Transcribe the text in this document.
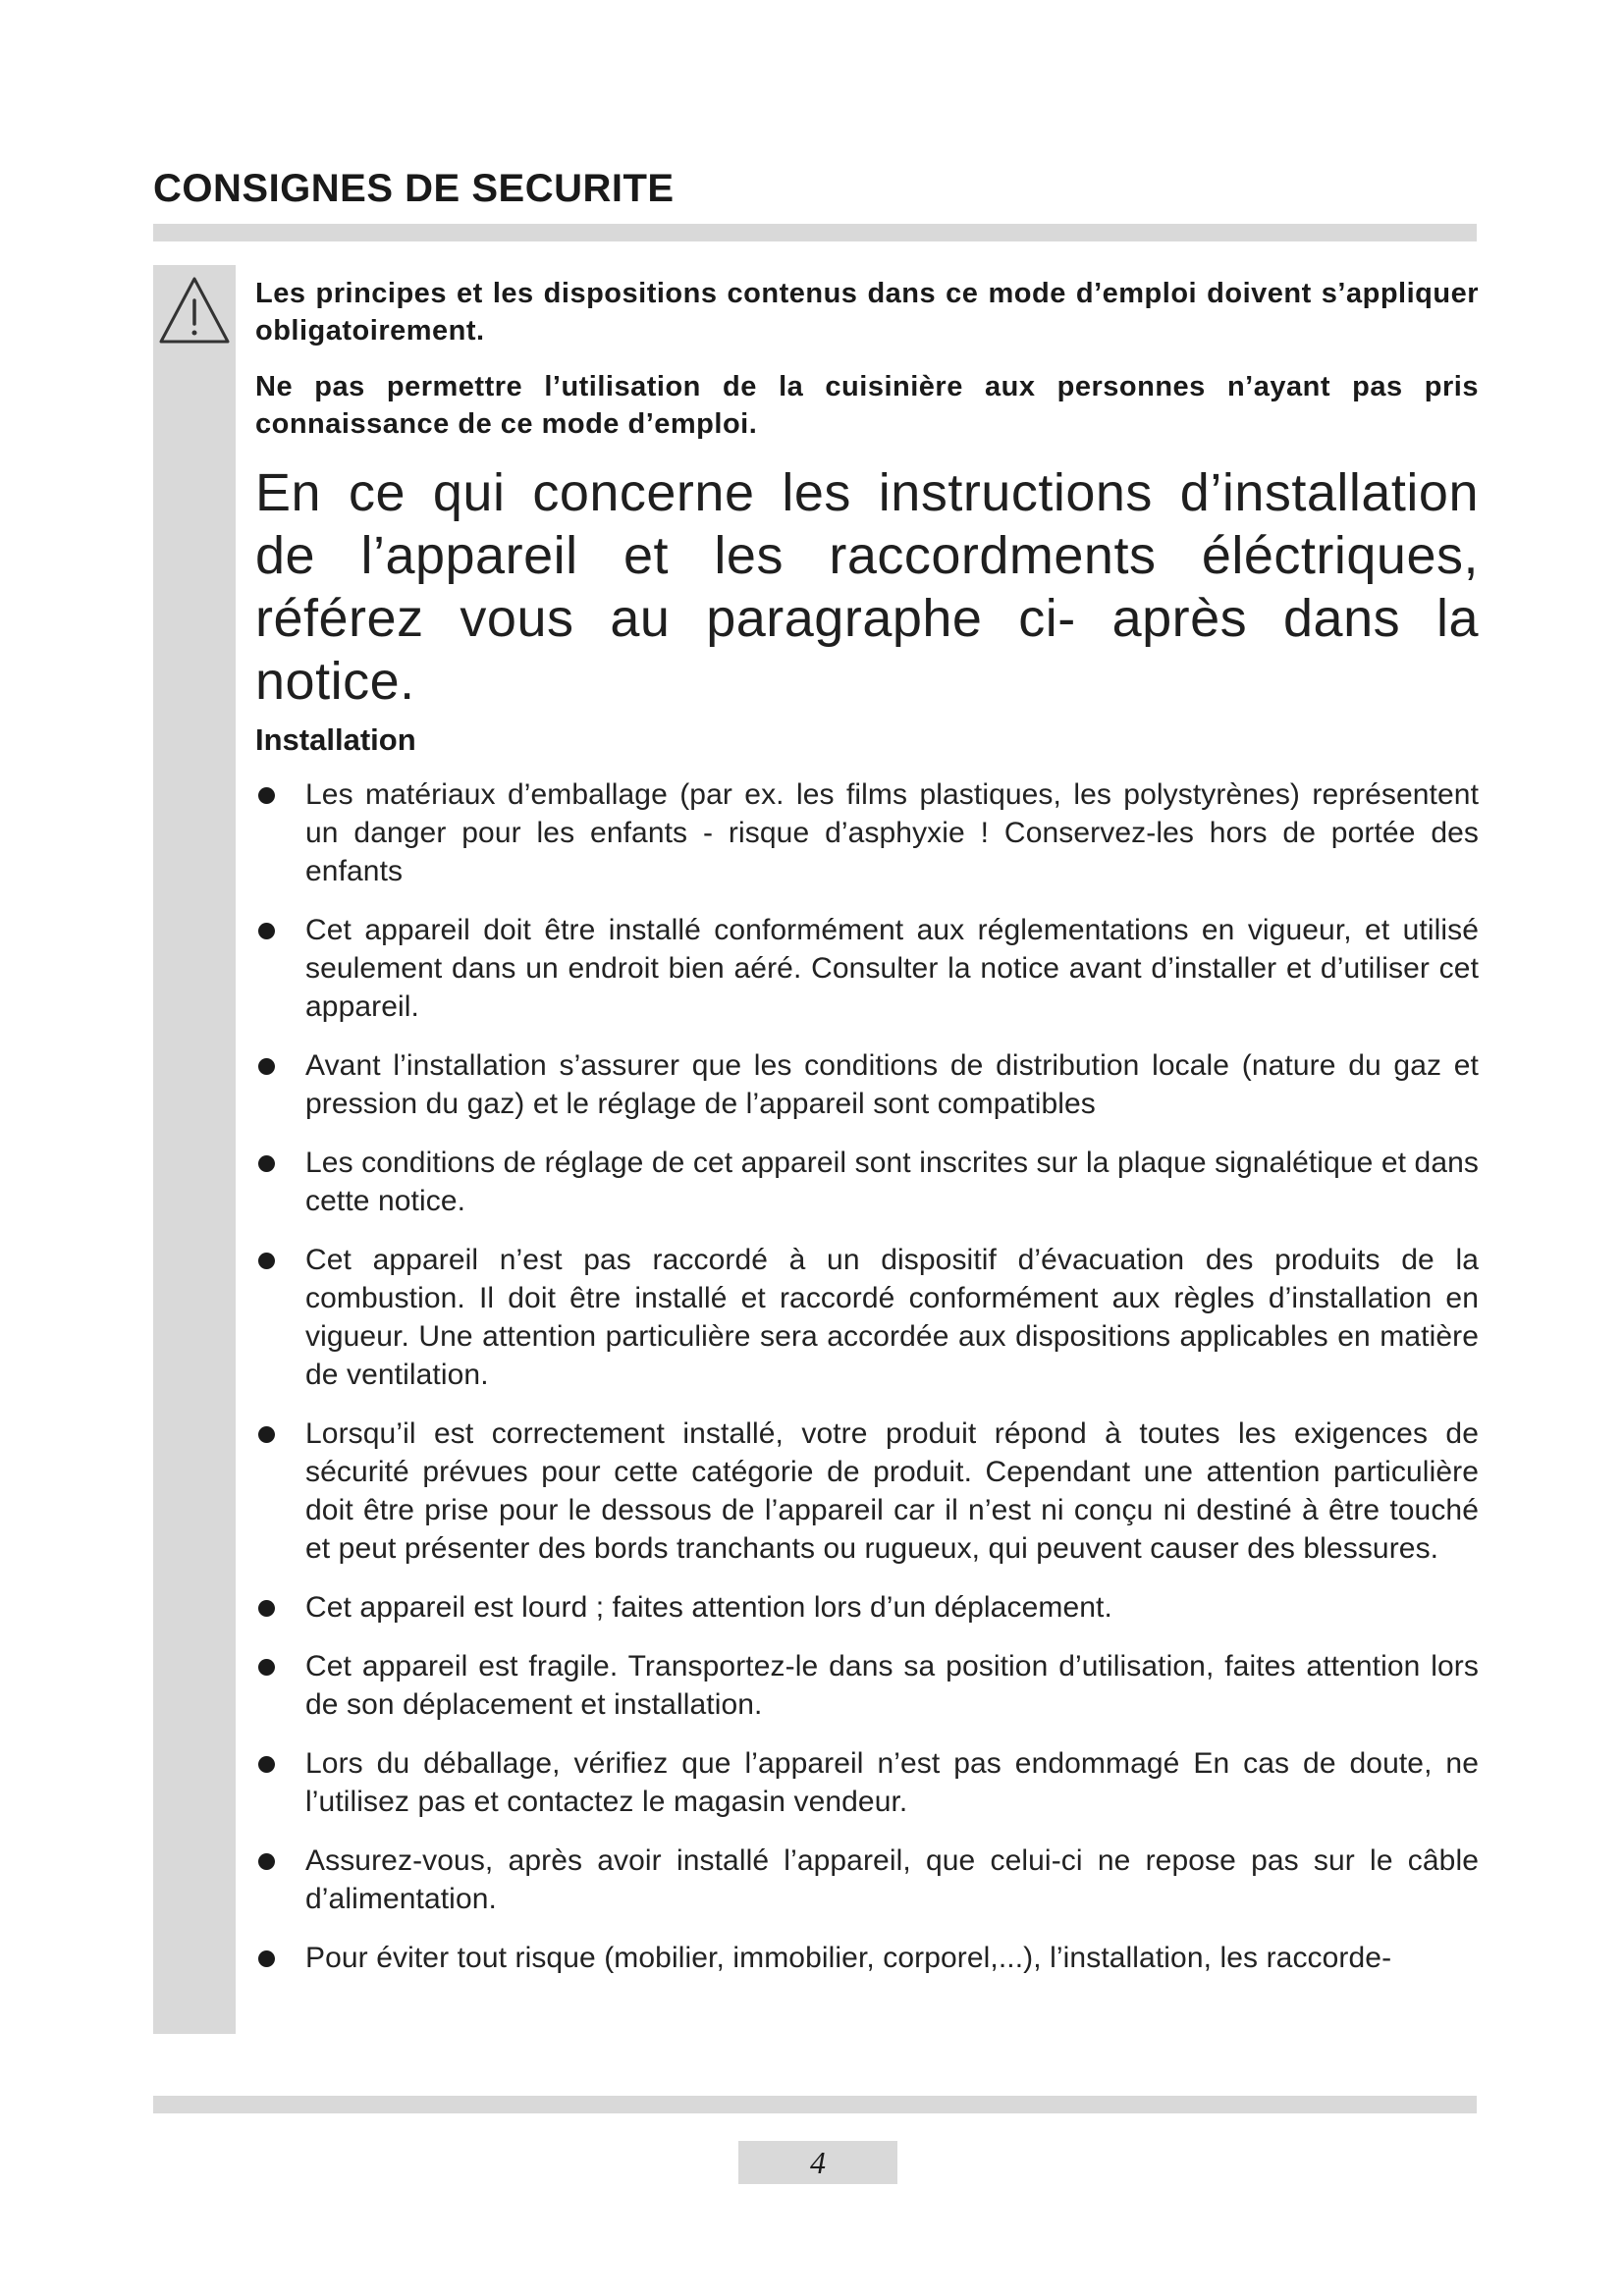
CONSIGNES DE SECURITE

Les principes et les dispositions contenus dans ce mode d’emploi doivent s’appliquer obligatoirement.

Ne pas permettre l’utilisation de la cuisinière aux personnes n’ayant pas pris connaissance de ce mode d’emploi.

En ce qui concerne les instructions d’installation de l’appareil et les raccordments éléctriques, référez vous au paragraphe ci- après dans la notice.

Installation
Les matériaux d’emballage (par ex. les films plastiques, les polystyrènes) représentent un danger pour les enfants - risque d’asphyxie ! Conservez-les hors de portée des enfants
Cet appareil doit être installé conformément aux réglementations en vigueur, et utilisé seulement dans un endroit bien aéré. Consulter la notice avant d’installer et d’utiliser cet appareil.
Avant l’installation s’assurer que les conditions de distribution locale (nature du gaz et pression du gaz) et le réglage de l’appareil sont compatibles
Les conditions de réglage de cet appareil sont inscrites sur la plaque signalétique et dans cette notice.
Cet appareil n’est pas raccordé à un dispositif d’évacuation des produits de la combustion. Il doit être installé et raccordé conformément aux règles d’installation en vigueur. Une attention particulière sera accordée aux dispositions applicables en matière de ventilation.
Lorsqu’il est correctement installé, votre produit répond à toutes les exigences de sécurité prévues pour cette catégorie de produit. Cependant une attention particulière doit être prise pour le dessous de l’appareil car il n’est ni conçu ni destiné à être touché et peut présenter des bords tranchants ou rugueux, qui peuvent causer des blessures.
Cet appareil est lourd ; faites attention lors d’un déplacement.
Cet appareil est fragile. Transportez-le dans sa position d’utilisation, faites attention lors de son déplacement et installation.
Lors du déballage, vérifiez que l’appareil n’est pas endommagé En cas de doute, ne l’utilisez pas et contactez le magasin vendeur.
Assurez-vous, après avoir installé l’appareil, que celui-ci ne repose pas sur le câble d’alimentation.
Pour éviter tout risque (mobilier, immobilier, corporel,...), l’installation, les raccorde-
4
